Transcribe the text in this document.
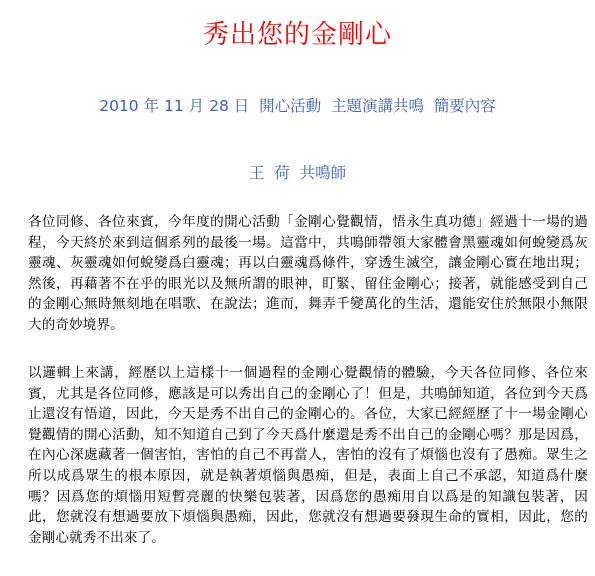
秀出您的金剛心
2010 年 11 月 28 日  開心活動  主題演講共鳴  簡要內容
王  荷  共鳴師
各位同修、各位來賓，今年度的開心活動「金剛心覺觀情，悟永生真功德」經過十一場的過程，今天終於來到這個系列的最後一場。這當中，共鳴師帶領大家體會黑靈魂如何蛻變爲灰靈魂、灰靈魂如何蛻變爲白靈魂；再以白靈魂爲條件，穿透生滅空，讓金剛心實在地出現；然後，再藉著不在乎的眼光以及無所謂的眼神，盯緊、留住金剛心；接著，就能感受到自己的金剛心無時無刻地在唱歌、在說法；進而，舞弄千變萬化的生活，還能安住於無限小無限大的奇妙境界。
以邏輯上來講，經歷以上這樣十一個過程的金剛心覺觀情的體驗，今天各位同修、各位來賓，尤其是各位同修，應該是可以秀出自己的金剛心了！但是，共鳴師知道，各位到今天爲止還沒有悟道，因此，今天是秀不出自己的金剛心的。各位，大家已經經歷了十一場金剛心覺觀情的開心活動，知不知道自己到了今天爲什麼還是秀不出自己的金剛心嗎？那是因爲，在內心深處藏著一個害怕，害怕的自己不再當人，害怕的沒有了煩惱也沒有了愚痴。眾生之所以成爲眾生的根本原因，就是執著煩惱與愚痴，但是，表面上自己不承認，知道爲什麼嗎？因爲您的煩惱用短暫亮麗的快樂包裝著，因爲您的愚痴用自以爲是的知識包裝著，因此，您就沒有想過要放下煩惱與愚痴，因此，您就沒有想過要發現生命的實相，因此，您的金剛心就秀不出來了。
